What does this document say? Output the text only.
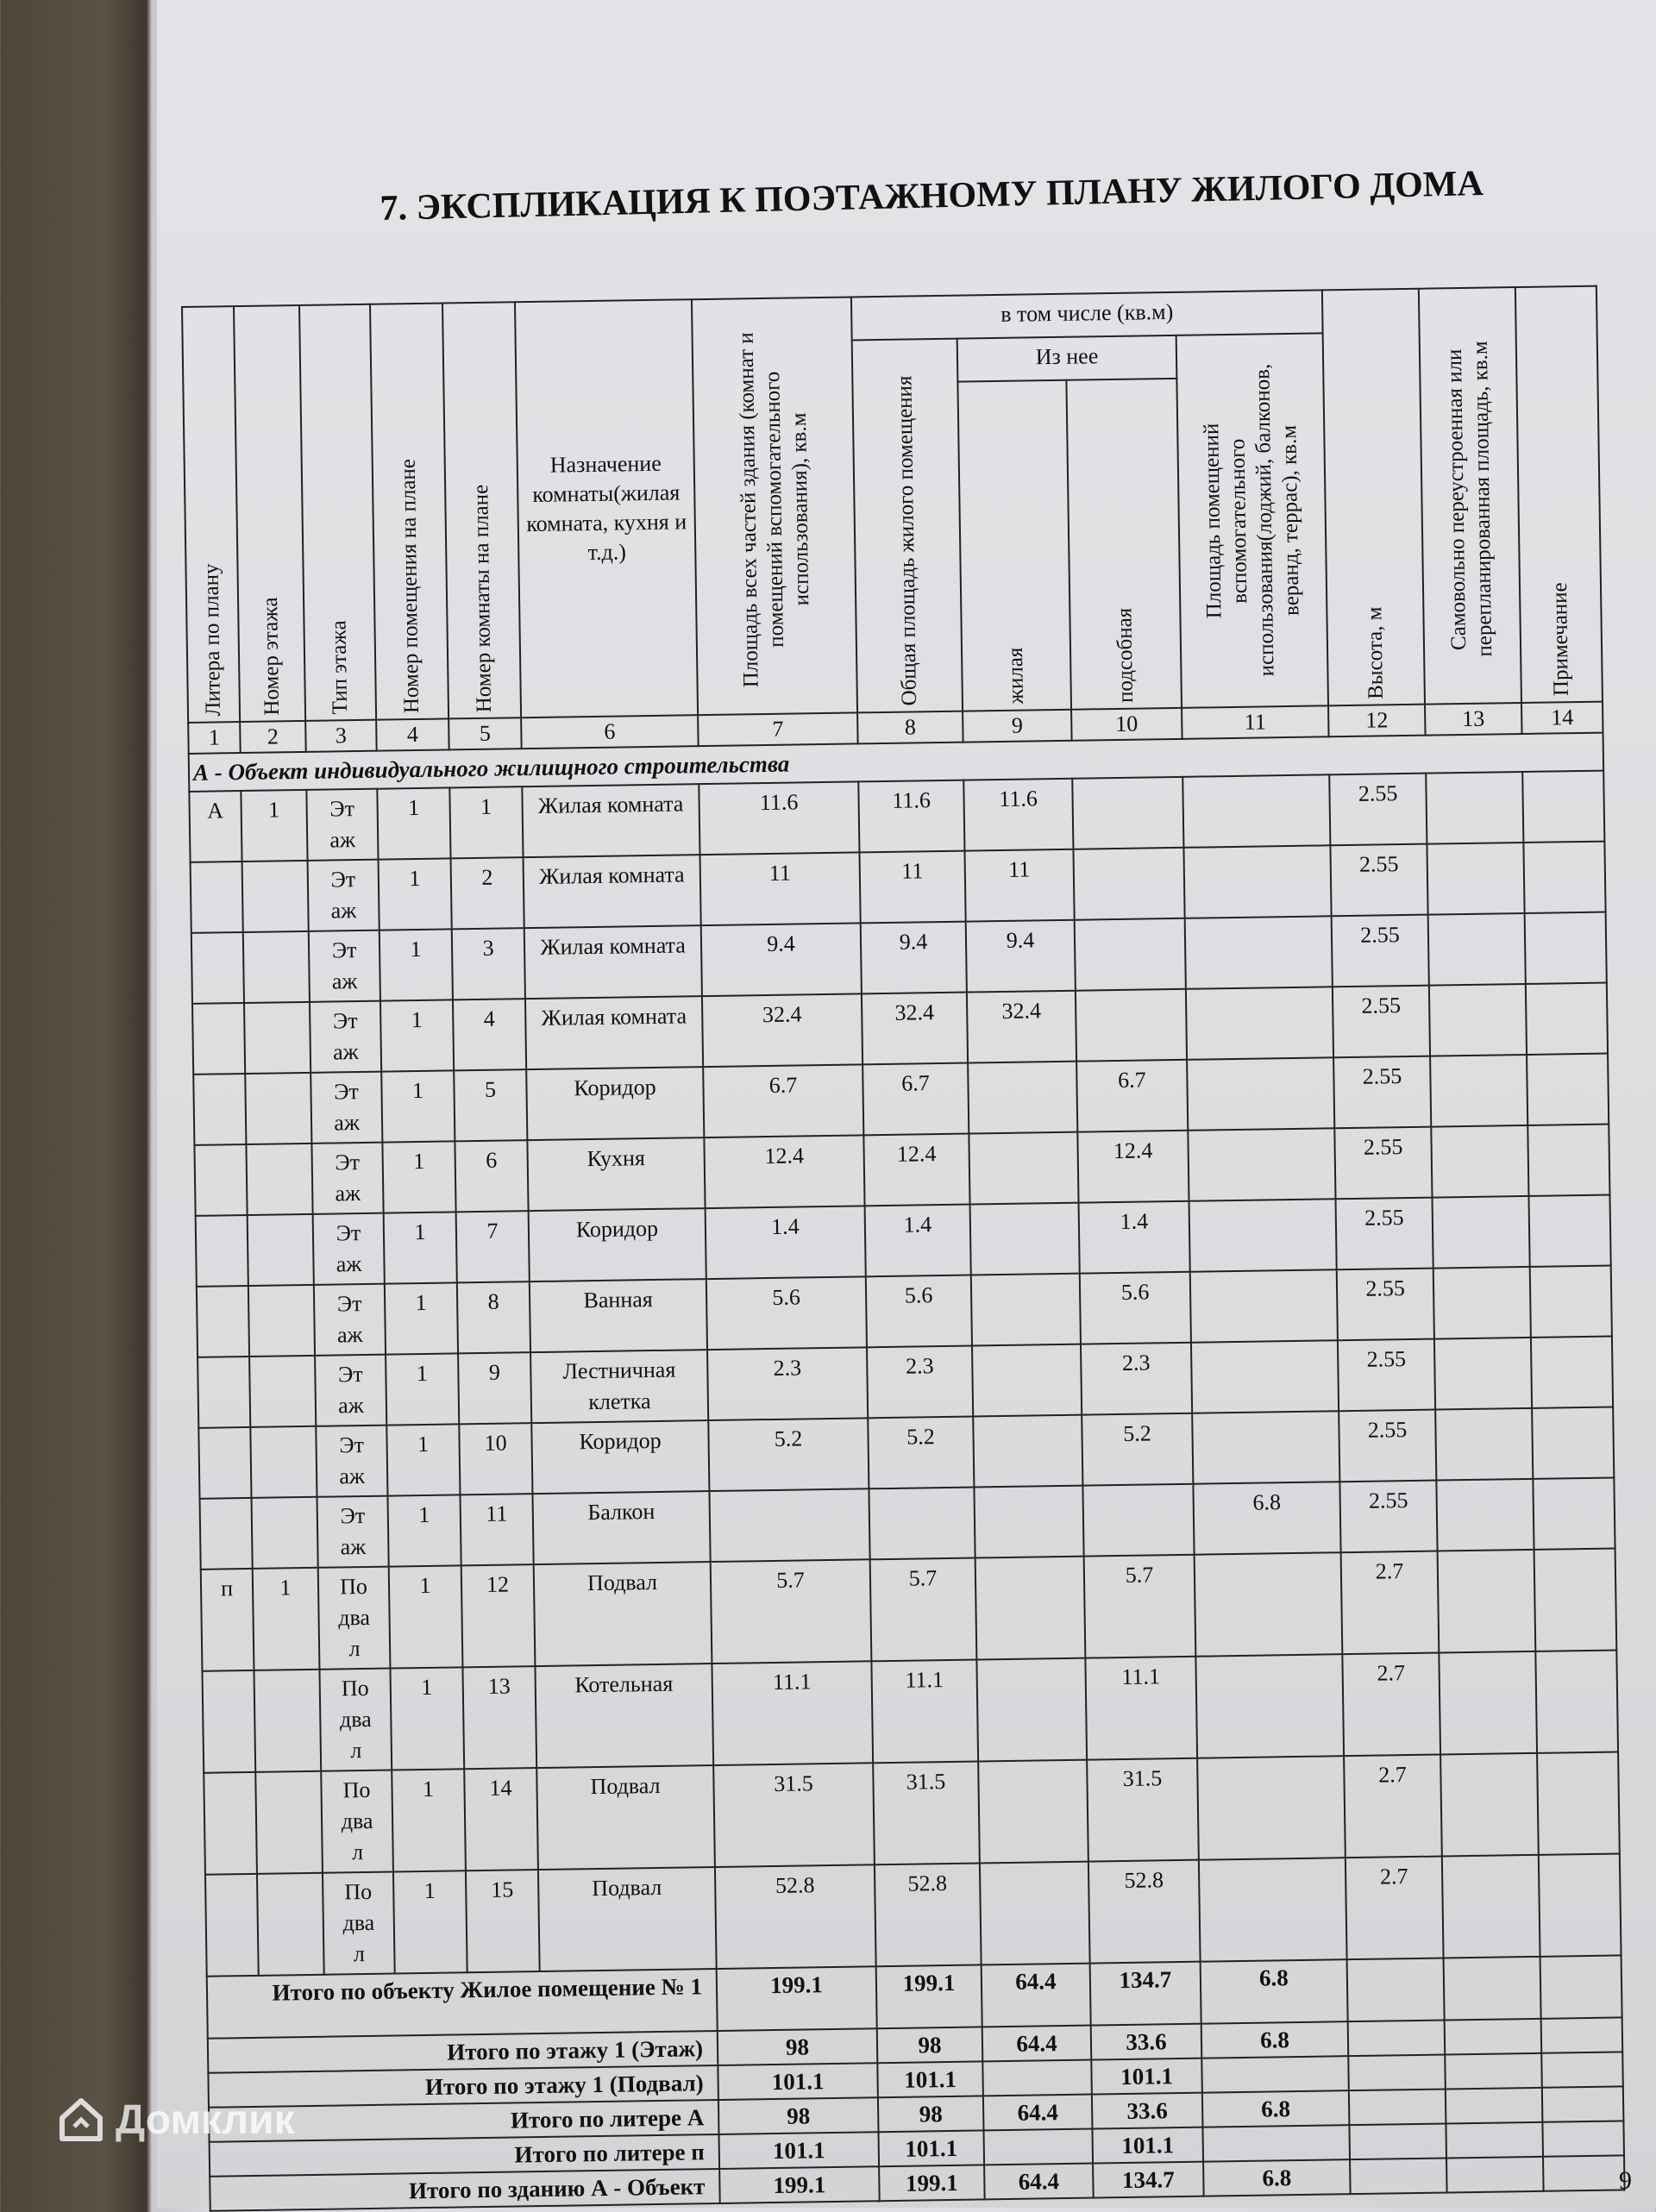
7. ЭКСПЛИКАЦИЯ К ПОЭТАЖНОМУ ПЛАНУ ЖИЛОГО ДОМА
Литера по плану	Номер этажа	Тип этажа	Номер помещения на плане	Номер комнаты на плане	Назначение комнаты(жилая комната, кухня и т.д.)	Площадь всех частей здания (комнат и помещений вспомогательного использования), кв.м	в том числе (кв.м)				Высота, м	Самовольно переустроенная или перепланированная площадь, кв.м	Примечание

							Общая площадь жилого помещения	Из нее		Площадь помещений вспомогательного использования(лоджий, балконов, веранд, террас), кв.м			

								жилая	подсобная				

1	2	3	4	5	6	7	8	9	10	11	12	13	14
А - Объект индивидуального жилищного строительства													
А	1	Этаж	1	1	Жилая комната	11.6	11.6	11.6			2.55		

		Этаж	1	2	Жилая комната	11	11	11			2.55		

		Этаж	1	3	Жилая комната	9.4	9.4	9.4			2.55		

		Этаж	1	4	Жилая комната	32.4	32.4	32.4			2.55		

		Этаж	1	5	Коридор	6.7	6.7		6.7		2.55		

		Этаж	1	6	Кухня	12.4	12.4		12.4		2.55		

		Этаж	1	7	Коридор	1.4	1.4		1.4		2.55		

		Этаж	1	8	Ванная	5.6	5.6		5.6		2.55		

		Этаж	1	9	Лестничная клетка	2.3	2.3		2.3		2.55		

		Этаж	1	10	Коридор	5.2	5.2		5.2		2.55		

		Этаж	1	11	Балкон					6.8	2.55		
п	1	Подвал	1	12	Подвал	5.7	5.7		5.7		2.7		

		Подвал	1	13	Котельная	11.1	11.1		11.1		2.7		

		Подвал	1	14	Подвал	31.5	31.5		31.5		2.7		

		Подвал	1	15	Подвал	52.8	52.8		52.8		2.7		
Итого по объекту Жилое помещение № 1						199.1	199.1	64.4	134.7	6.8			
Итого по этажу 1 (Этаж)						98	98	64.4	33.6	6.8			
Итого по этажу 1 (Подвал)						101.1	101.1		101.1				
Итого по литере А						98	98	64.4	33.6	6.8			
Итого по литере п						101.1	101.1		101.1				
Итого по зданию А - Объект						199.1	199.1	64.4	134.7	6.8			
Домклик
9
